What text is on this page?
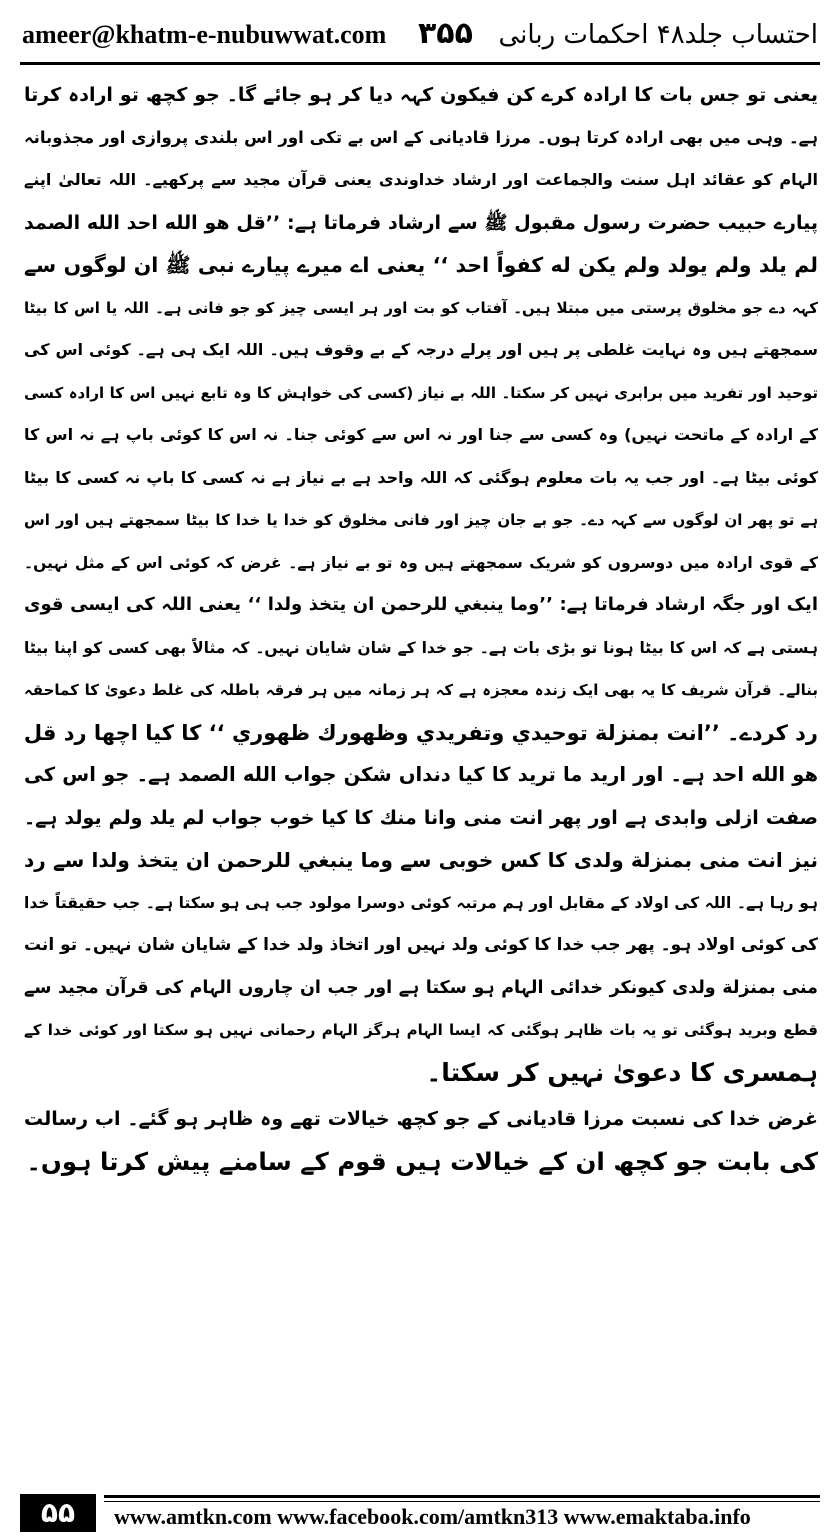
ameer@khatm-e-nubuwwat.com ۳۵۵ احتساب جلد۴۸ احکمات ربانی
یعنی تو جس بات کا ارادہ کرے کن فیکون کہہ دیا کر ہو جائے گا۔ جو کچھ تو ارادہ کرتا
ہے۔ وہی میں بھی ارادہ کرتا ہوں۔ مرزا قادیانی کے اس بے تکی اور اس بلندی پروازی اور مجذوبانہ
الہام کو عقائد اہل سنت والجماعت اور ارشاد خداوندی یعنی قرآن مجید سے پرکھیے۔ اللہ تعالیٰ اپنے
پیارے حبیب حضرت رسول مقبول ﷺ سے ارشاد فرماتا ہے: ’’قل هو الله احد الله الصمد
لم يلد ولم يولد ولم يكن له كفواً احد ‘‘ یعنی اے میرے پیارے نبی ﷺ ان لوگوں سے
کہہ دے جو مخلوق پرستی میں مبتلا ہیں۔ آفتاب کو بت اور ہر ایسی چیز کو جو فانی ہے۔ اللہ یا اس کا بیٹا
سمجھتے ہیں وہ نہایت غلطی پر ہیں اور پرلے درجہ کے بے وقوف ہیں۔ اللہ ایک ہی ہے۔ کوئی اس کی
توحید اور تفرید میں برابری نہیں کر سکتا۔ اللہ بے نیاز (کسی کی خواہش کا وہ تابع نہیں اس کا ارادہ کسی
کے ارادہ کے ماتحت نہیں) وہ کسی سے جنا اور نہ اس سے کوئی جنا۔ نہ اس کا کوئی باپ ہے نہ اس کا
کوئی بیٹا ہے۔ اور جب یہ بات معلوم ہوگئی کہ اللہ واحد ہے بے نیاز ہے نہ کسی کا باپ نہ کسی کا بیٹا
ہے تو پھر ان لوگوں سے کہہ دے۔ جو بے جان چیز اور فانی مخلوق کو خدا یا خدا کا بیٹا سمجھتے ہیں اور اس
کے قوی ارادہ میں دوسروں کو شریک سمجھتے ہیں وہ تو بے نیاز ہے۔ غرض کہ کوئی اس کے مثل نہیں۔
ایک اور جگہ ارشاد فرماتا ہے: ’’وما ينبغي للرحمن ان يتخذ ولدا ‘‘ یعنی اللہ کی ایسی قوی
ہستی ہے کہ اس کا بیٹا ہونا تو بڑی بات ہے۔ جو خدا کے شان شایان نہیں۔ کہ مثالاً بھی کسی کو اپنا بیٹا
بنالے۔ قرآن شریف کا یہ بھی ایک زندہ معجزہ ہے کہ ہر زمانہ میں ہر فرقہ باطلہ کی غلط دعویٰ کا کماحقہ
رد کردے۔ ’’انت بمنزلة توحيدي وتفريدي وظهورك ظهوري ‘‘ کا کیا اچھا رد قل
هو الله احد ہے۔ اور اريد ما تريد کا کیا دنداں شکن جواب الله الصمد ہے۔ جو اس کی
صفت ازلی وابدی ہے اور پھر انت منى وانا منك کا کیا خوب جواب لم يلد ولم يولد ہے۔
نیز انت منى بمنزلة ولدى کا کس خوبی سے وما ينبغي للرحمن ان يتخذ ولدا سے رد
ہو رہا ہے۔ اللہ کی اولاد کے مقابل اور ہم مرتبہ کوئی دوسرا مولود جب ہی ہو سکتا ہے۔ جب حقیقتاً خدا
کی کوئی اولاد ہو۔ پھر جب خدا کا کوئی ولد نہیں اور اتخاذ ولد خدا کے شایان شان نہیں۔ تو انت
منى بمنزلة ولدى کیونکر خدائی الہام ہو سکتا ہے اور جب ان چاروں الہام کی قرآن مجید سے
قطع وبرید ہوگئی تو یہ بات ظاہر ہوگئی کہ ایسا الہام ہرگز الہام رحمانی نہیں ہو سکتا اور کوئی خدا کے
ہمسری کا دعویٰ نہیں کر سکتا۔
غرض خدا کی نسبت مرزا قادیانی کے جو کچھ خیالات تھے وہ ظاہر ہو گئے۔ اب رسالت
کی بابت جو کچھ ان کے خیالات ہیں قوم کے سامنے پیش کرتا ہوں۔
۵۵	www.amtkn.com www.facebook.com/amtkn313 www.emaktaba.info
